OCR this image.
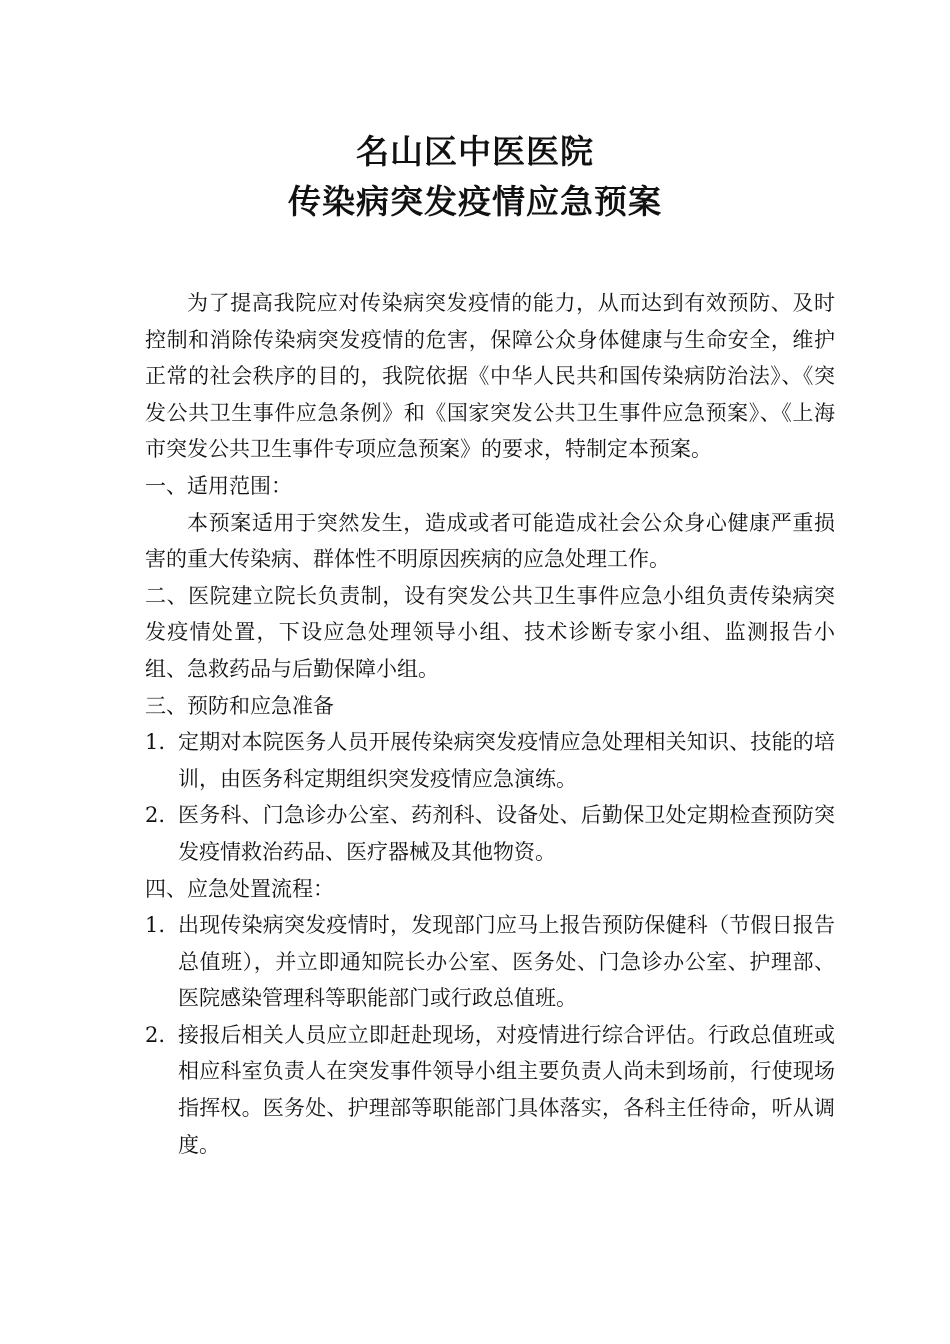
名山区中医医院
传染病突发疫情应急预案

为了提高我院应对传染病突发疫情的能力，从而达到有效预防、及时控制和消除传染病突发疫情的危害，保障公众身体健康与生命安全，维护正常的社会秩序的目的，我院依据《中华人民共和国传染病防治法》、《突发公共卫生事件应急条例》和《国家突发公共卫生事件应急预案》、《上海市突发公共卫生事件专项应急预案》的要求，特制定本预案。

一、适用范围：

本预案适用于突然发生，造成或者可能造成社会公众身心健康严重损害的重大传染病、群体性不明原因疾病的应急处理工作。

二、医院建立院长负责制，设有突发公共卫生事件应急小组负责传染病突发疫情处置，下设应急处理领导小组、技术诊断专家小组、监测报告小组、急救药品与后勤保障小组。

三、预防和应急准备

1. 定期对本院医务人员开展传染病突发疫情应急处理相关知识、技能的培训，由医务科定期组织突发疫情应急演练。
2. 医务科、门急诊办公室、药剂科、设备处、后勤保卫处定期检查预防突发疫情救治药品、医疗器械及其他物资。

四、应急处置流程：

1. 出现传染病突发疫情时，发现部门应马上报告预防保健科（节假日报告总值班），并立即通知院长办公室、医务处、门急诊办公室、护理部、医院感染管理科等职能部门或行政总值班。
2. 接报后相关人员应立即赶赴现场，对疫情进行综合评估。行政总值班或相应科室负责人在突发事件领导小组主要负责人尚未到场前，行使现场指挥权。医务处、护理部等职能部门具体落实，各科主任待命，听从调度。
